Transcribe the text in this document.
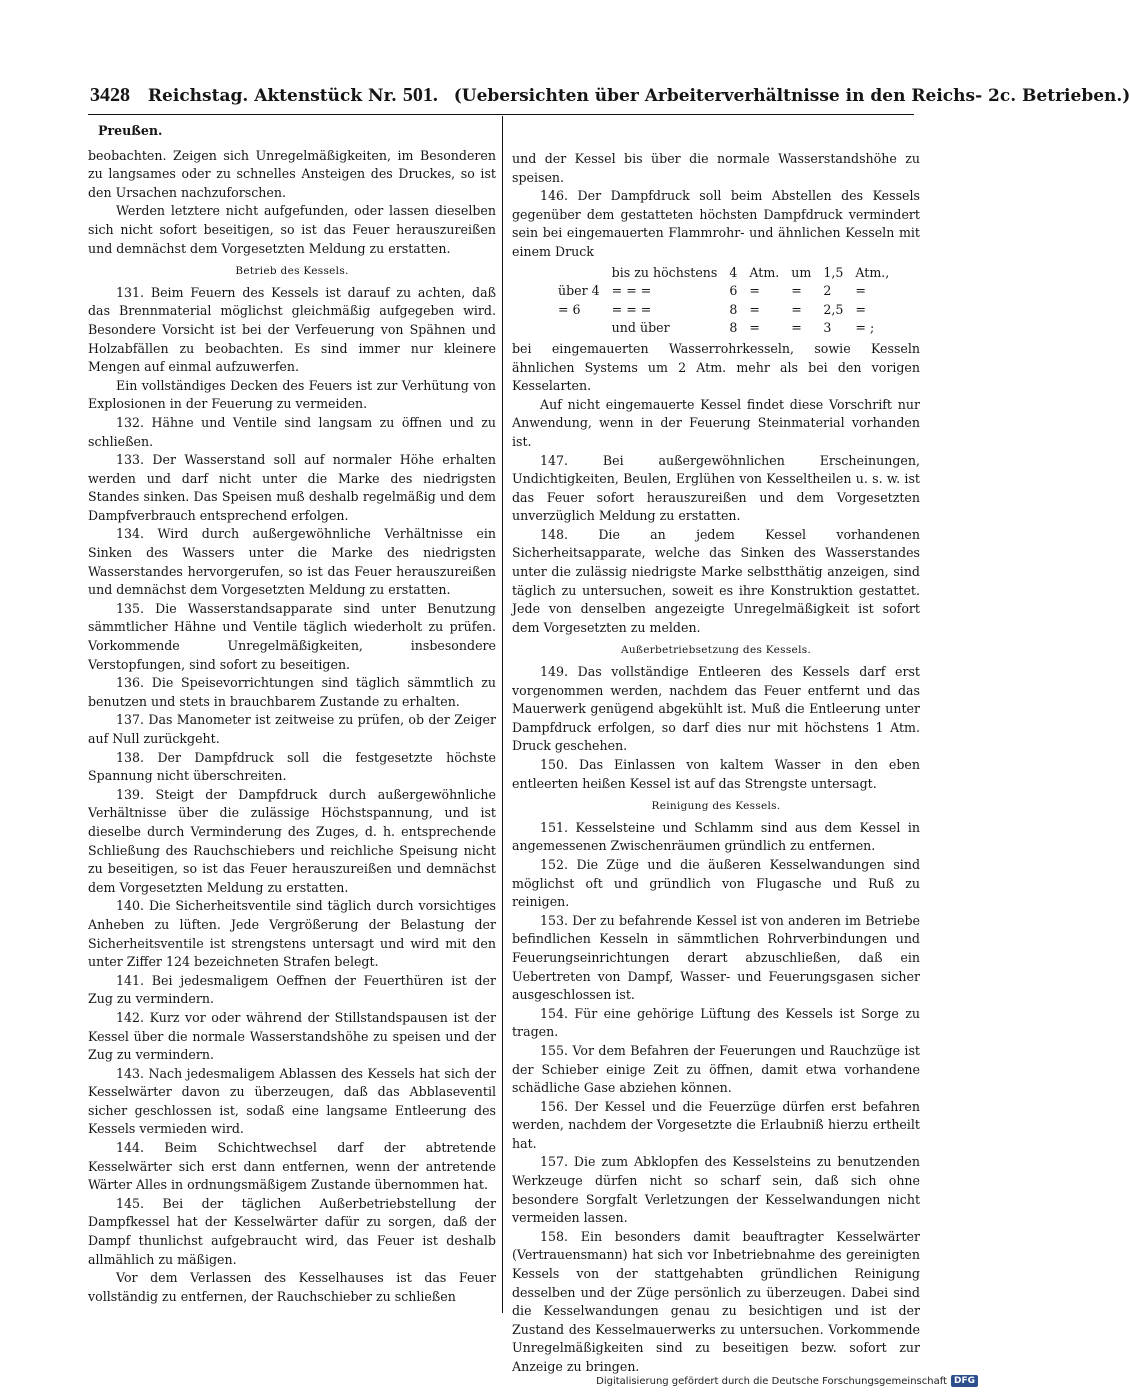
3428 Reichstag. Aktenstück Nr. 501. (Uebersichten über Arbeiterverhältnisse in den Reichs- 2c. Betrieben.)
Preußen.

beobachten. Zeigen sich Unregelmäßigkeiten, im Besonderen zu langsames oder zu schnelles Ansteigen des Druckes, so ist den Ursachen nachzuforschen.

Werden letztere nicht aufgefunden, oder lassen dieselben sich nicht sofort beseitigen, so ist das Feuer herauszureißen und demnächst dem Vorgesetzten Meldung zu erstatten.

Betrieb des Kessels.

131. Beim Feuern des Kessels ist darauf zu achten, daß das Brennmaterial möglichst gleichmäßig aufgegeben wird. Besondere Vorsicht ist bei der Verfeuerung von Spähnen und Holzabfällen zu beobachten. Es sind immer nur kleinere Mengen auf einmal aufzuwerfen.

Ein vollständiges Decken des Feuers ist zur Verhütung von Explosionen in der Feuerung zu vermeiden.

132. Hähne und Ventile sind langsam zu öffnen und zu schließen.

133. Der Wasserstand soll auf normaler Höhe erhalten werden und darf nicht unter die Marke des niedrigsten Standes sinken. Das Speisen muß deshalb regelmäßig und dem Dampfverbrauch entsprechend erfolgen.

134. Wird durch außergewöhnliche Verhältnisse ein Sinken des Wassers unter die Marke des niedrigsten Wasserstandes hervorgerufen, so ist das Feuer herauszureißen und demnächst dem Vorgesetzten Meldung zu erstatten.

135. Die Wasserstandsapparate sind unter Benutzung sämmtlicher Hähne und Ventile täglich wiederholt zu prüfen. Vorkommende Unregelmäßigkeiten, insbesondere Verstopfungen, sind sofort zu beseitigen.

136. Die Speisevorrichtungen sind täglich sämmtlich zu benutzen und stets in brauchbarem Zustande zu erhalten.

137. Das Manometer ist zeitweise zu prüfen, ob der Zeiger auf Null zurückgeht.

138. Der Dampfdruck soll die festgesetzte höchste Spannung nicht überschreiten.

139. Steigt der Dampfdruck durch außergewöhnliche Verhältnisse über die zulässige Höchstspannung, und ist dieselbe durch Verminderung des Zuges, d. h. entsprechende Schließung des Rauchschiebers und reichliche Speisung nicht zu beseitigen, so ist das Feuer herauszureißen und demnächst dem Vorgesetzten Meldung zu erstatten.

140. Die Sicherheitsventile sind täglich durch vorsichtiges Anheben zu lüften. Jede Vergrößerung der Belastung der Sicherheitsventile ist strengstens untersagt und wird mit den unter Ziffer 124 bezeichneten Strafen belegt.

141. Bei jedesmaligem Oeffnen der Feuerthüren ist der Zug zu vermindern.

142. Kurz vor oder während der Stillstandspausen ist der Kessel über die normale Wasserstandshöhe zu speisen und der Zug zu vermindern.

143. Nach jedesmaligem Ablassen des Kessels hat sich der Kesselwärter davon zu überzeugen, daß das Abblaseventil sicher geschlossen ist, sodaß eine langsame Entleerung des Kessels vermieden wird.

144. Beim Schichtwechsel darf der abtretende Kesselwärter sich erst dann entfernen, wenn der antretende Wärter Alles in ordnungsmäßigem Zustande übernommen hat.

145. Bei der täglichen Außerbetriebstellung der Dampfkessel hat der Kesselwärter dafür zu sorgen, daß der Dampf thunlichst aufgebraucht wird, das Feuer ist deshalb allmählich zu mäßigen.

Vor dem Verlassen des Kesselhauses ist das Feuer vollständig zu entfernen, der Rauchschieber zu schließen

und der Kessel bis über die normale Wasserstandshöhe zu speisen.

146. Der Dampfdruck soll beim Abstellen des Kessels gegenüber dem gestatteten höchsten Dampfdruck vermindert sein bei eingemauerten Flammrohr- und ähnlichen Kesseln mit einem Druck

	bis zu höchstens	4	Atm.	um	1,5	Atm.,
über 4	= = =	6	=	=	2	=
= 6	= = =	8	=	=	2,5	=
	und über	8	=	=	3	= ;

bei eingemauerten Wasserrohrkesseln, sowie Kesseln ähnlichen Systems um 2 Atm. mehr als bei den vorigen Kesselarten.

Auf nicht eingemauerte Kessel findet diese Vorschrift nur Anwendung, wenn in der Feuerung Steinmaterial vorhanden ist.

147. Bei außergewöhnlichen Erscheinungen, Undichtigkeiten, Beulen, Erglühen von Kesseltheilen u. s. w. ist das Feuer sofort herauszureißen und dem Vorgesetzten unverzüglich Meldung zu erstatten.

148. Die an jedem Kessel vorhandenen Sicherheitsapparate, welche das Sinken des Wasserstandes unter die zulässig niedrigste Marke selbstthätig anzeigen, sind täglich zu untersuchen, soweit es ihre Konstruktion gestattet. Jede von denselben angezeigte Unregelmäßigkeit ist sofort dem Vorgesetzten zu melden.

Außerbetriebsetzung des Kessels.

149. Das vollständige Entleeren des Kessels darf erst vorgenommen werden, nachdem das Feuer entfernt und das Mauerwerk genügend abgekühlt ist. Muß die Entleerung unter Dampfdruck erfolgen, so darf dies nur mit höchstens 1 Atm. Druck geschehen.

150. Das Einlassen von kaltem Wasser in den eben entleerten heißen Kessel ist auf das Strengste untersagt.

Reinigung des Kessels.

151. Kesselsteine und Schlamm sind aus dem Kessel in angemessenen Zwischenräumen gründlich zu entfernen.

152. Die Züge und die äußeren Kesselwandungen sind möglichst oft und gründlich von Flugasche und Ruß zu reinigen.

153. Der zu befahrende Kessel ist von anderen im Betriebe befindlichen Kesseln in sämmtlichen Rohrverbindungen und Feuerungseinrichtungen derart abzuschließen, daß ein Uebertreten von Dampf, Wasser- und Feuerungsgasen sicher ausgeschlossen ist.

154. Für eine gehörige Lüftung des Kessels ist Sorge zu tragen.

155. Vor dem Befahren der Feuerungen und Rauchzüge ist der Schieber einige Zeit zu öffnen, damit etwa vorhandene schädliche Gase abziehen können.

156. Der Kessel und die Feuerzüge dürfen erst befahren werden, nachdem der Vorgesetzte die Erlaubniß hierzu ertheilt hat.

157. Die zum Abklopfen des Kesselsteins zu benutzenden Werkzeuge dürfen nicht so scharf sein, daß sich ohne besondere Sorgfalt Verletzungen der Kesselwandungen nicht vermeiden lassen.

158. Ein besonders damit beauftragter Kesselwärter (Vertrauensmann) hat sich vor Inbetriebnahme des gereinigten Kessels von der stattgehabten gründlichen Reinigung desselben und der Züge persönlich zu überzeugen. Dabei sind die Kesselwandungen genau zu besichtigen und ist der Zustand des Kesselmauerwerks zu untersuchen. Vorkommende Unregelmäßigkeiten sind zu beseitigen bezw. sofort zur Anzeige zu bringen.

Digitalisierung gefördert durch die Deutsche Forschungsgemeinschaft DFG
